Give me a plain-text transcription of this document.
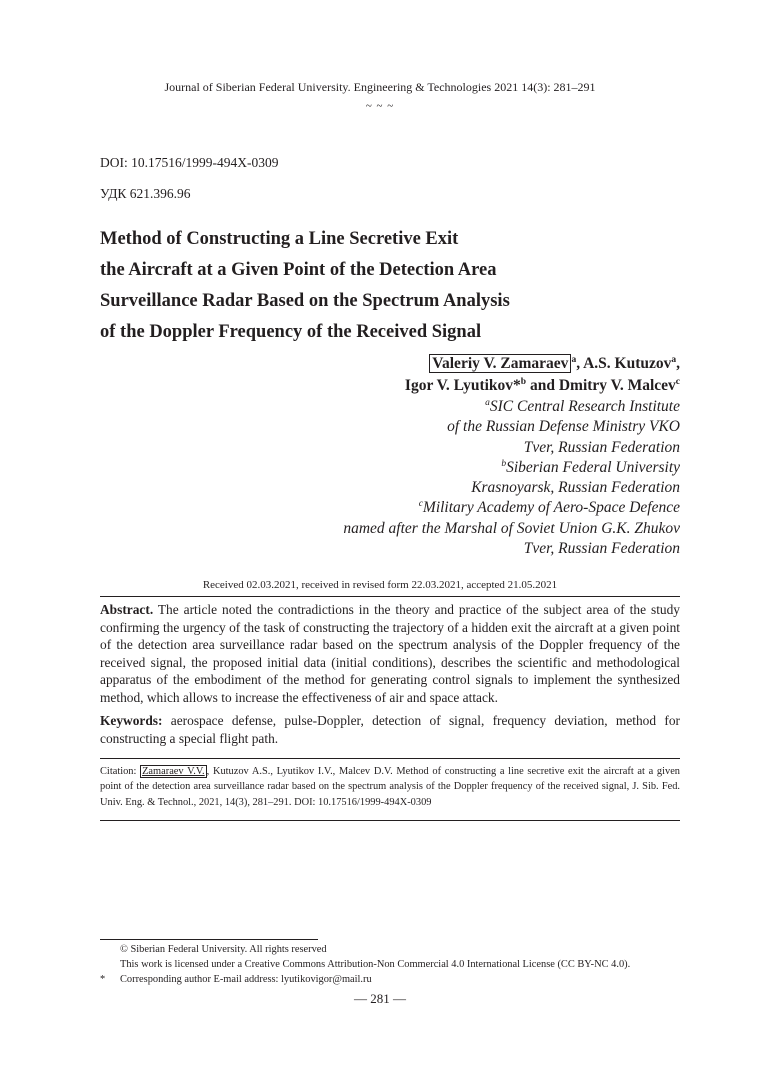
Journal of Siberian Federal University. Engineering & Technologies 2021 14(3): 281–291
~ ~ ~
DOI: 10.17516/1999-494X-0309
УДК 621.396.96
Method of Constructing a Line Secretive Exit
the Aircraft at a Given Point of the Detection Area
Surveillance Radar Based on the Spectrum Analysis
of the Doppler Frequency of the Received Signal
Valeriy V. Zamaraev $^a$, A.S. Kutuzov$^a$,
Igor V. Lyutikov*$^b$ and Dmitry V. Malcev$^c$
$^a$SIC Central Research Institute
of the Russian Defense Ministry VKO
Tver, Russian Federation
$^b$Siberian Federal University
Krasnoyarsk, Russian Federation
$^c$Military Academy of Aero-Space Defence
named after the Marshal of Soviet Union G.K. Zhukov
Tver, Russian Federation
Received 02.03.2021, received in revised form 22.03.2021, accepted 21.05.2021
Abstract. The article noted the contradictions in the theory and practice of the subject area of the study confirming the urgency of the task of constructing the trajectory of a hidden exit the aircraft at a given point of the detection area surveillance radar based on the spectrum analysis of the Doppler frequency of the received signal, the proposed initial data (initial conditions), describes the scientific and methodological apparatus of the embodiment of the method for generating control signals to implement the synthesized method, which allows to increase the effectiveness of air and space attack.
Keywords: aerospace defense, pulse-Doppler, detection of signal, frequency deviation, method for constructing a special flight path.
Citation: Zamaraev V.V. , Kutuzov A.S., Lyutikov I.V., Malcev D.V. Method of constructing a line secretive exit the aircraft at a given point of the detection area surveillance radar based on the spectrum analysis of the Doppler frequency of the received signal, J. Sib. Fed. Univ. Eng. & Technol., 2021, 14(3), 281–291. DOI: 10.17516/1999-494X-0309
© Siberian Federal University. All rights reserved
This work is licensed under a Creative Commons Attribution-Non Commercial 4.0 International License (CC BY-NC 4.0).
* Corresponding author E-mail address: lyutikovigor@mail.ru
— 281 —
